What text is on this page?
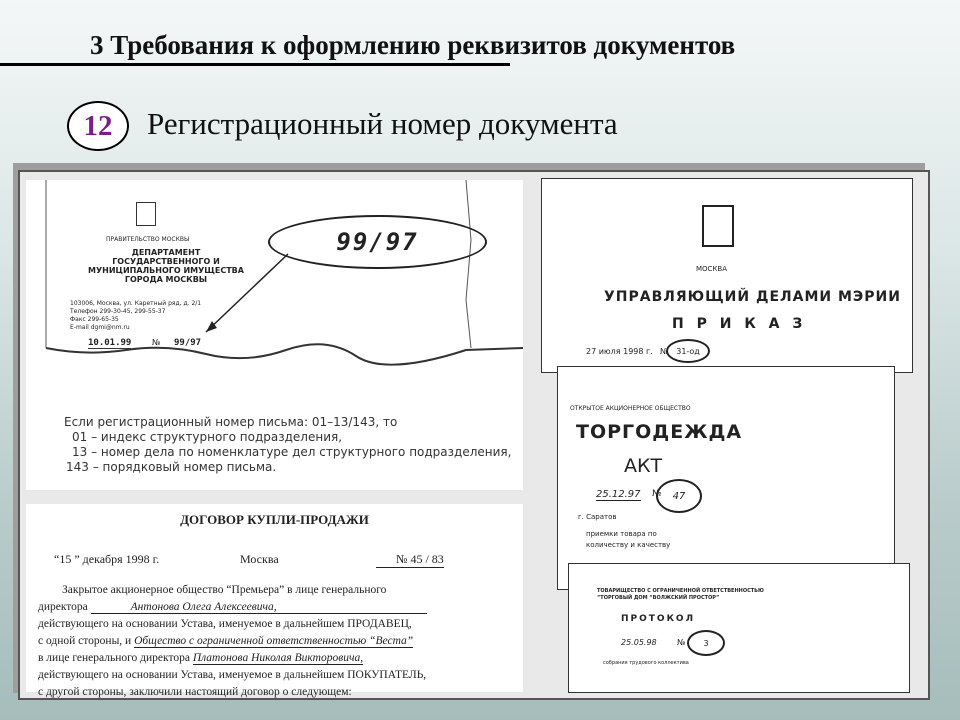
3 Требования к оформлению реквизитов документов
12	Регистрационный номер документа
ПРАВИТЕЛЬСТВО МОСКВЫ
ДЕПАРТАМЕНТ
ГОСУДАРСТВЕННОГО И
МУНИЦИПАЛЬНОГО ИМУЩЕСТВА
ГОРОДА МОСКВЫ
103006, Москва, ул. Каретный ряд, д. 2/1
Телефон 299-30-45, 299-55-37
Факс 299-65-35
E-mail dgmi@nm.ru
10.01.99	№ 99/97
99/97
Если регистрационный номер письма: 01–13/143, то
01 – индекс структурного подразделения,
13 – номер дела по номенклатуре дел структурного подразделения,
143 – порядковый номер письма.
ДОГОВОР КУПЛИ-ПРОДАЖИ
“15 ” декабря 1998 г.	Москва	№ 45 / 83
Закрытое акционерное общество “Премьера” в лице генерального
директора	Антонова Олега Алексеевича,
действующего на основании Устава, именуемое в дальнейшем ПРОДАВЕЦ,
с одной стороны, и Общество с ограниченной ответственностью “Веста”
в лице генерального директора Платонова Николая Викторовича,
действующего на основании Устава, именуемое в дальнейшем ПОКУПАТЕЛЬ,
с другой стороны, заключили настоящий договор о следующем:
МОСКВА
УПРАВЛЯЮЩИЙ ДЕЛАМИ МЭРИИ
П Р И К А З
27 июля 1998 г. № 31-од
ОТКРЫТОЕ АКЦИОНЕРНОЕ ОБЩЕСТВО
ТОРГОДЕЖДА
АКТ
25.12.97 №	47
г. Саратов
приемки товара по
количеству и качеству
ТОВАРИЩЕСТВО С ОГРАНИЧЕННОЙ ОТВЕТСТВЕННОСТЬЮ
“ТОРГОВЫЙ ДОМ “ВОЛЖСКИЙ ПРОСТОР”
ПРОТОКОЛ
25.05.98	№	3
собрания трудового коллектива
